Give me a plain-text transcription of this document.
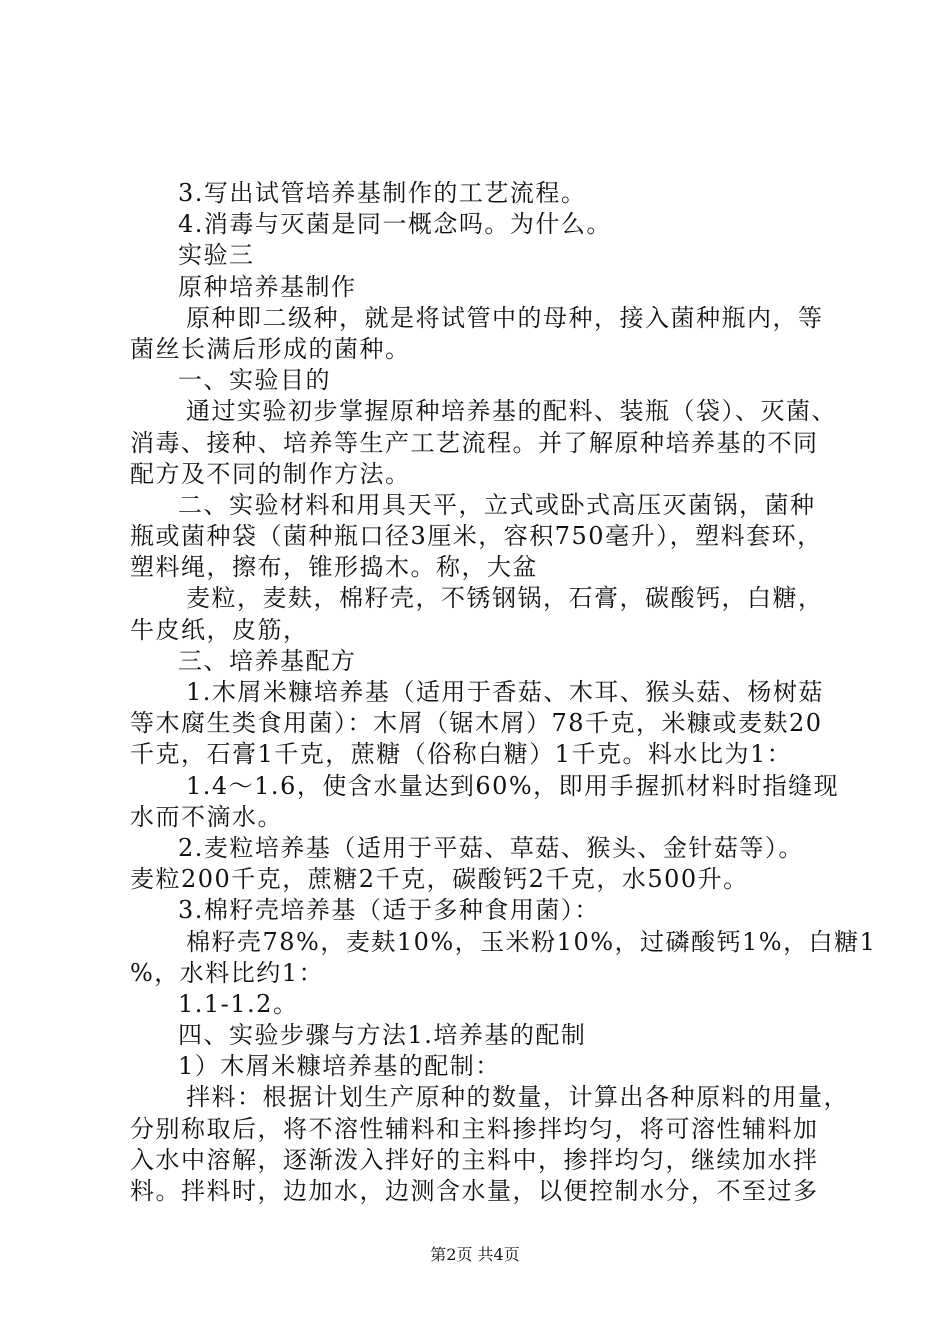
3.写出试管培养基制作的工艺流程。
4.消毒与灭菌是同一概念吗。为什么。
实验三
原种培养基制作
原种即二级种，就是将试管中的母种，接入菌种瓶内，等
菌丝长满后形成的菌种。
一、实验目的
通过实验初步掌握原种培养基的配料、装瓶（袋）、灭菌、
消毒、接种、培养等生产工艺流程。并了解原种培养基的不同
配方及不同的制作方法。
二、实验材料和用具天平，立式或卧式高压灭菌锅，菌种
瓶或菌种袋（菌种瓶口径3厘米，容积750毫升），塑料套环，
塑料绳，擦布，锥形捣木。称，大盆
麦粒，麦麸，棉籽壳，不锈钢锅，石膏，碳酸钙，白糖，
牛皮纸，皮筋，
三、培养基配方
1.木屑米糠培养基（适用于香菇、木耳、猴头菇、杨树菇
等木腐生类食用菌）：木屑（锯木屑）78千克，米糠或麦麸20
千克，石膏1千克，蔗糖（俗称白糖）1千克。料水比为1：
1.4～1.6，使含水量达到60%，即用手握抓材料时指缝现
水而不滴水。
2.麦粒培养基（适用于平菇、草菇、猴头、金针菇等）。
麦粒200千克，蔗糖2千克，碳酸钙2千克，水500升。
3.棉籽壳培养基（适于多种食用菌）：
棉籽壳78%，麦麸10%，玉米粉10%，过磷酸钙1%，白糖1
%，水料比约1：
1.1-1.2。
四、实验步骤与方法1.培养基的配制
1）木屑米糠培养基的配制：
拌料：根据计划生产原种的数量，计算出各种原料的用量，
分别称取后，将不溶性辅料和主料掺拌均匀，将可溶性辅料加
入水中溶解，逐渐泼入拌好的主料中，掺拌均匀，继续加水拌
料。拌料时，边加水，边测含水量，以便控制水分，不至过多
第2页 共4页
